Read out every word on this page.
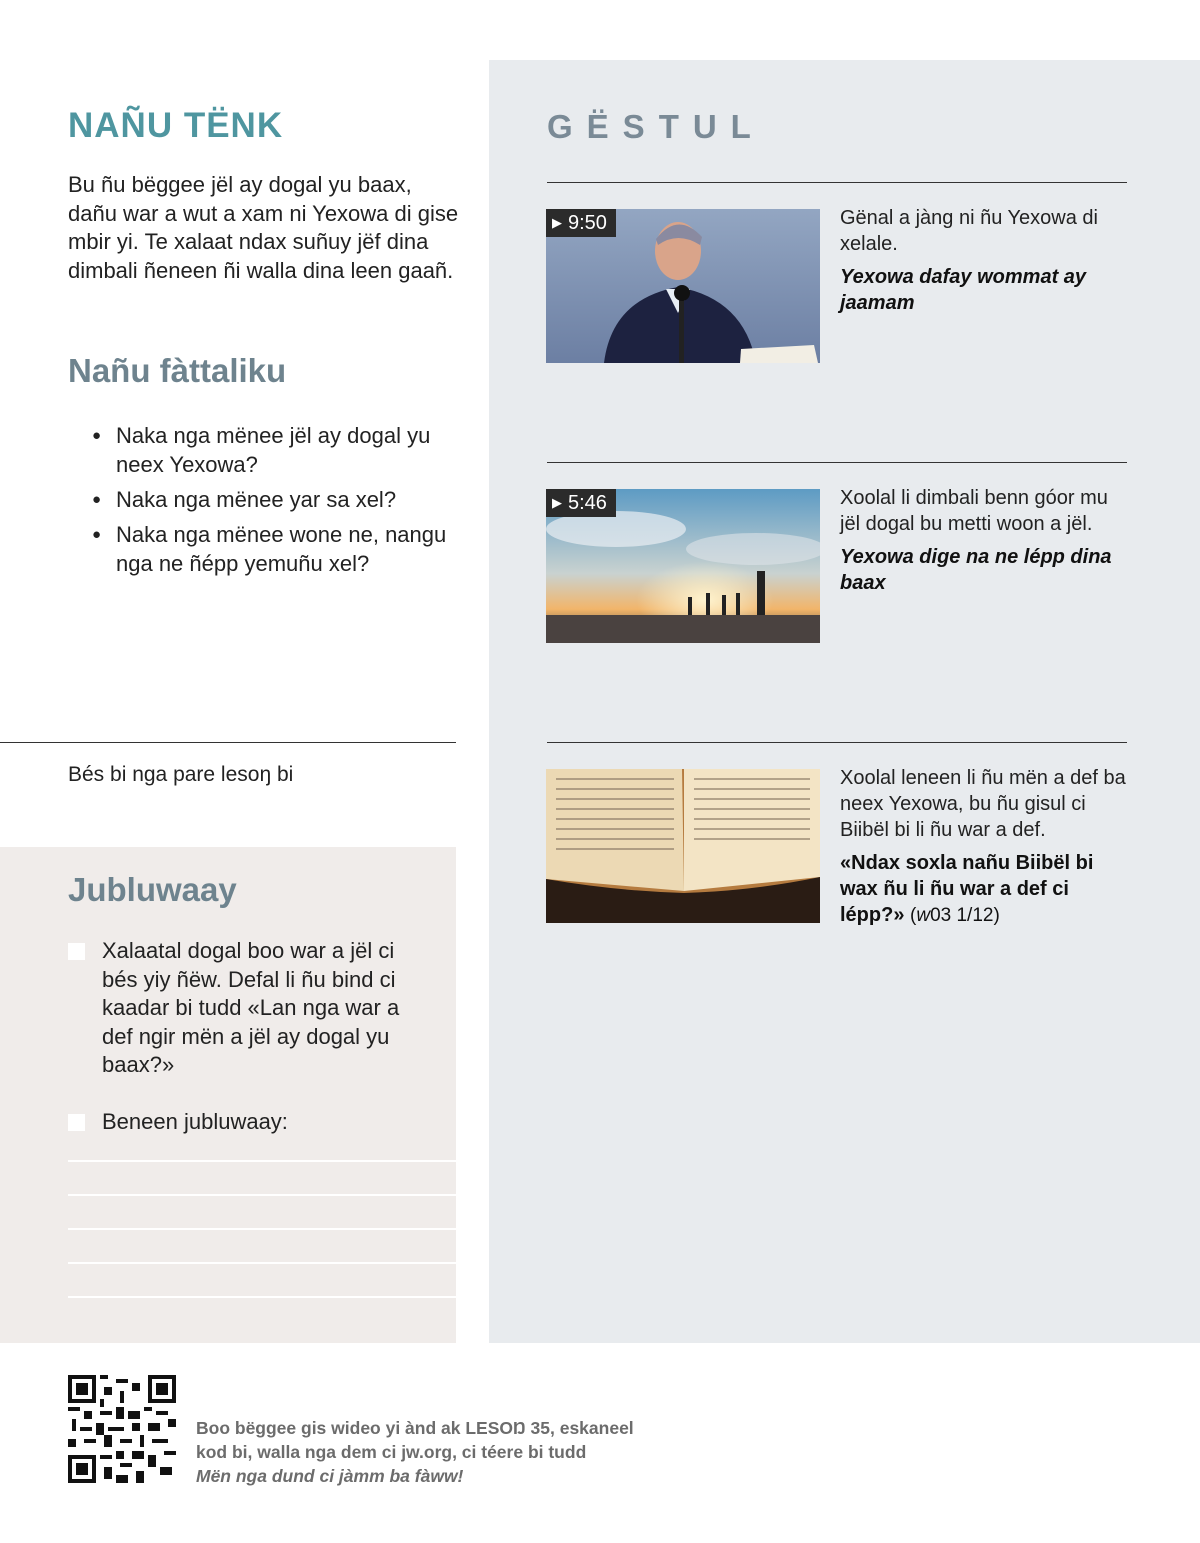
GËSTUL
▶ 9:50	Gënal a jàng ni ñu Yexowa di xelale.
Yexowa dafay wommat ay jaamam
▶ 5:46	Xoolal li dimbali benn góor mu jël dogal bu metti woon a jël.
Yexowa dige na ne lépp dina baax
Xoolal leneen li ñu mën a def ba neex Yexowa, bu ñu gisul ci Biibël bi li ñu war a def.
«Ndax soxla nañu Biibël bi wax ñu li ñu war a def ci lépp?» (w03 1/12)
NAÑU TËNK
Bu ñu bëggee jël ay dogal yu baax, dañu war a wut a xam ni Yexowa di gise mbir yi. Te xalaat ndax suñuy jëf dina dimbali ñeneen ñi walla dina leen gaañ.
Nañu fàttaliku
● Naka nga mënee jël ay dogal yu neex Yexowa?
● Naka nga mënee yar sa xel?
● Naka nga mënee wone ne, nangu nga ne ñépp yemuñu xel?
Bés bi nga pare lesoŋ bi
Jubluwaay
Xalaatal dogal boo war a jël ci bés yiy ñëw. Defal li ñu bind ci kaadar bi tudd «Lan nga war a def ngir mën a jël ay dogal yu baax?»
Beneen jubluwaay:
Boo bëggee gis wideo yi ànd ak LESOŊ 35, eskaneel
kod bi, walla nga dem ci jw.org, ci téere bi tudd
Mën nga dund ci jàmm ba fàww!
